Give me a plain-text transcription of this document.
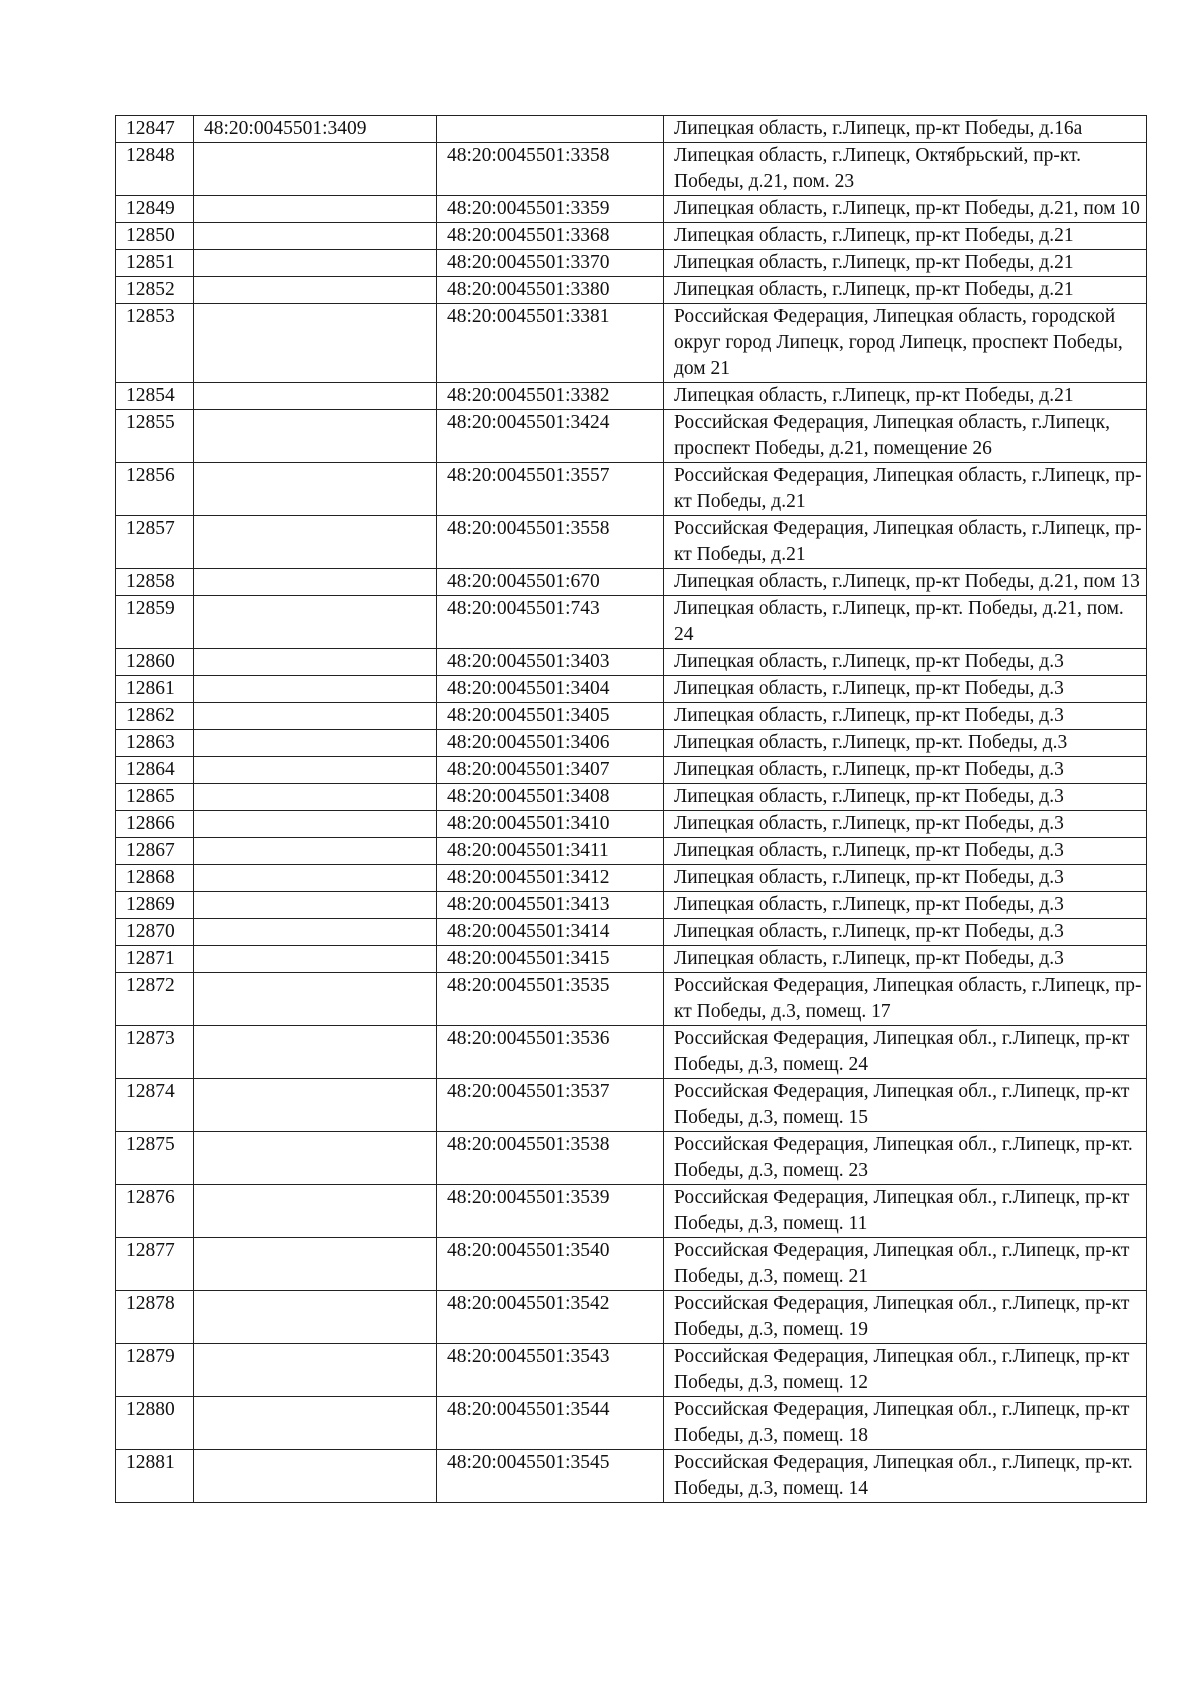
12847	48:20:0045501:3409		Липецкая область, г.Липецк, пр-кт Победы, д.16а
12848		48:20:0045501:3358	Липецкая область, г.Липецк, Октябрьский, пр-кт. Победы, д.21, пом. 23
12849		48:20:0045501:3359	Липецкая область, г.Липецк, пр-кт Победы, д.21, пом 10
12850		48:20:0045501:3368	Липецкая область, г.Липецк, пр-кт Победы, д.21
12851		48:20:0045501:3370	Липецкая область, г.Липецк, пр-кт Победы, д.21
12852		48:20:0045501:3380	Липецкая область, г.Липецк, пр-кт Победы, д.21
12853		48:20:0045501:3381	Российская Федерация, Липецкая область, городской округ город Липецк, город Липецк, проспект Победы, дом 21
12854		48:20:0045501:3382	Липецкая область, г.Липецк, пр-кт Победы, д.21
12855		48:20:0045501:3424	Российская Федерация, Липецкая область, г.Липецк, проспект Победы, д.21, помещение 26
12856		48:20:0045501:3557	Российская Федерация, Липецкая область, г.Липецк, пр-кт Победы, д.21
12857		48:20:0045501:3558	Российская Федерация, Липецкая область, г.Липецк, пр-кт Победы, д.21
12858		48:20:0045501:670	Липецкая область, г.Липецк, пр-кт Победы, д.21, пом 13
12859		48:20:0045501:743	Липецкая область, г.Липецк, пр-кт. Победы, д.21, пом. 24
12860		48:20:0045501:3403	Липецкая область, г.Липецк, пр-кт Победы, д.3
12861		48:20:0045501:3404	Липецкая область, г.Липецк, пр-кт Победы, д.3
12862		48:20:0045501:3405	Липецкая область, г.Липецк, пр-кт Победы, д.3
12863		48:20:0045501:3406	Липецкая область, г.Липецк, пр-кт. Победы, д.3
12864		48:20:0045501:3407	Липецкая область, г.Липецк, пр-кт Победы, д.3
12865		48:20:0045501:3408	Липецкая область, г.Липецк, пр-кт Победы, д.3
12866		48:20:0045501:3410	Липецкая область, г.Липецк, пр-кт Победы, д.3
12867		48:20:0045501:3411	Липецкая область, г.Липецк, пр-кт Победы, д.3
12868		48:20:0045501:3412	Липецкая область, г.Липецк, пр-кт Победы, д.3
12869		48:20:0045501:3413	Липецкая область, г.Липецк, пр-кт Победы, д.3
12870		48:20:0045501:3414	Липецкая область, г.Липецк, пр-кт Победы, д.3
12871		48:20:0045501:3415	Липецкая область, г.Липецк, пр-кт Победы, д.3
12872		48:20:0045501:3535	Российская Федерация, Липецкая область, г.Липецк, пр-кт Победы, д.3, помещ. 17
12873		48:20:0045501:3536	Российская Федерация, Липецкая обл., г.Липецк, пр-кт Победы, д.3, помещ. 24
12874		48:20:0045501:3537	Российская Федерация, Липецкая обл., г.Липецк, пр-кт Победы, д.3, помещ. 15
12875		48:20:0045501:3538	Российская Федерация, Липецкая обл., г.Липецк, пр-кт. Победы, д.3, помещ. 23
12876		48:20:0045501:3539	Российская Федерация, Липецкая обл., г.Липецк, пр-кт Победы, д.3, помещ. 11
12877		48:20:0045501:3540	Российская Федерация, Липецкая обл., г.Липецк, пр-кт Победы, д.3, помещ. 21
12878		48:20:0045501:3542	Российская Федерация, Липецкая обл., г.Липецк, пр-кт Победы, д.3, помещ. 19
12879		48:20:0045501:3543	Российская Федерация, Липецкая обл., г.Липецк, пр-кт Победы, д.3, помещ. 12
12880		48:20:0045501:3544	Российская Федерация, Липецкая обл., г.Липецк, пр-кт Победы, д.3, помещ. 18
12881		48:20:0045501:3545	Российская Федерация, Липецкая обл., г.Липецк, пр-кт. Победы, д.3, помещ. 14
